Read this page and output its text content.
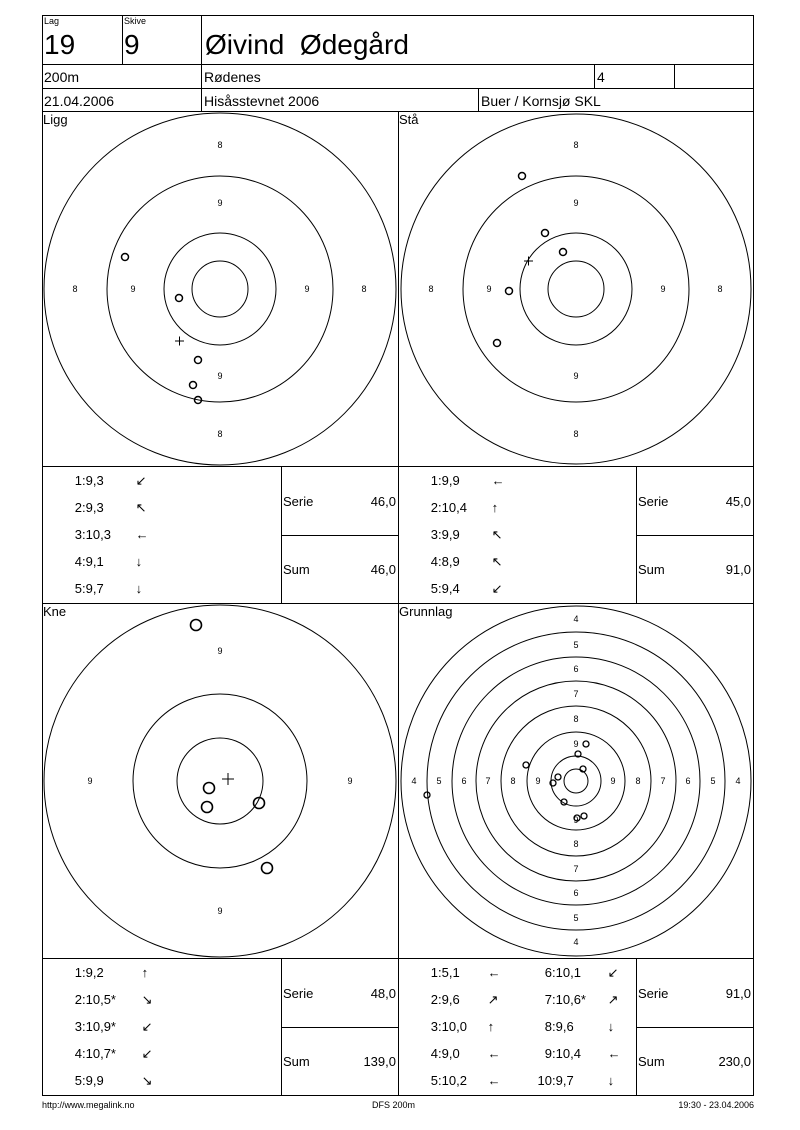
Lag
19
Skive
9 Øivind  Ødegård
200m	Rødenes	4
21.04.2006	Hisåsstevnet 2006	Buer / Kornsjø SKL
Ligg
8
9
8	9	9	8
9
8
Stå
8
9
8	9	9	8
9
8
Kne
9
9	9
9
Grunnlag	4
5
6
7
8
9
9
8
7
6
5
4
4 5 6 7 8 9	9 8 7 6 5 4
1:9,3 ↙
2:9,3 ↖
3:10,3 ←
4:9,1 ↓
5:9,7 ↓
Serie	46,0
Sum	46,0
1:9,9 ←
2:10,4 ↑
3:9,9 ↖
4:8,9 ↖
5:9,4 ↙
Serie	45,0
Sum	91,0
1:9,2	↑
2:10,5* ↘
3:10,9* ↙
4:10,7* ↙
5:9,9	↘
Serie	48,0
Sum	139,0
1:5,1 ←
2:9,6 ↗
3:10,0 ↑
4:9,0 ←
5:10,2 ←
6:10,1 ↙
7:10,6* ↗
8:9,6	↓
9:10,4 ←
10:9,7	↓
Serie	91,0
Sum	230,0
http://www.megalink.no	DFS 200m	19:30 - 23.04.2006
